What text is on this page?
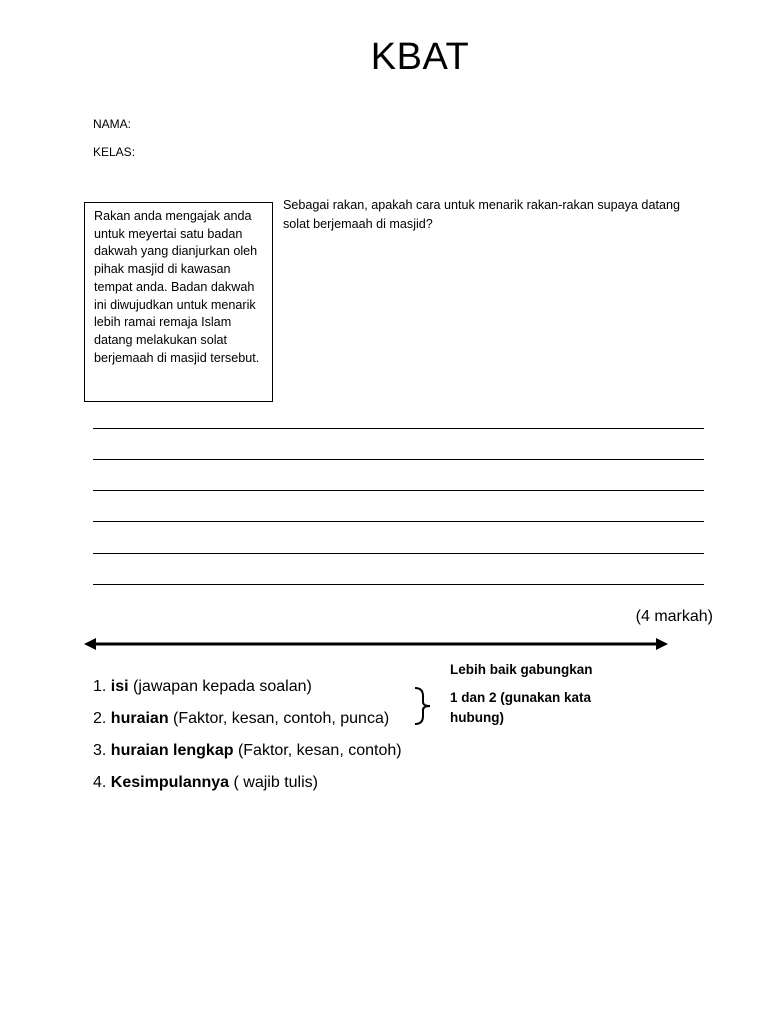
KBAT
NAMA:
KELAS:
Rakan anda mengajak anda untuk meyertai satu badan dakwah yang dianjurkan oleh pihak masjid di kawasan tempat anda. Badan dakwah ini diwujudkan untuk menarik lebih ramai remaja Islam datang melakukan solat berjemaah di masjid tersebut.
Sebagai rakan, apakah cara untuk menarik rakan-rakan supaya datang solat berjemaah di masjid?
(4 markah)
1. isi (jawapan kepada soalan)
2. huraian (Faktor, kesan, contoh, punca)
3. huraian lengkap (Faktor, kesan, contoh)
4. Kesimpulannya ( wajib tulis)
Lebih baik gabungkan
1 dan 2 (gunakan kata hubung)
